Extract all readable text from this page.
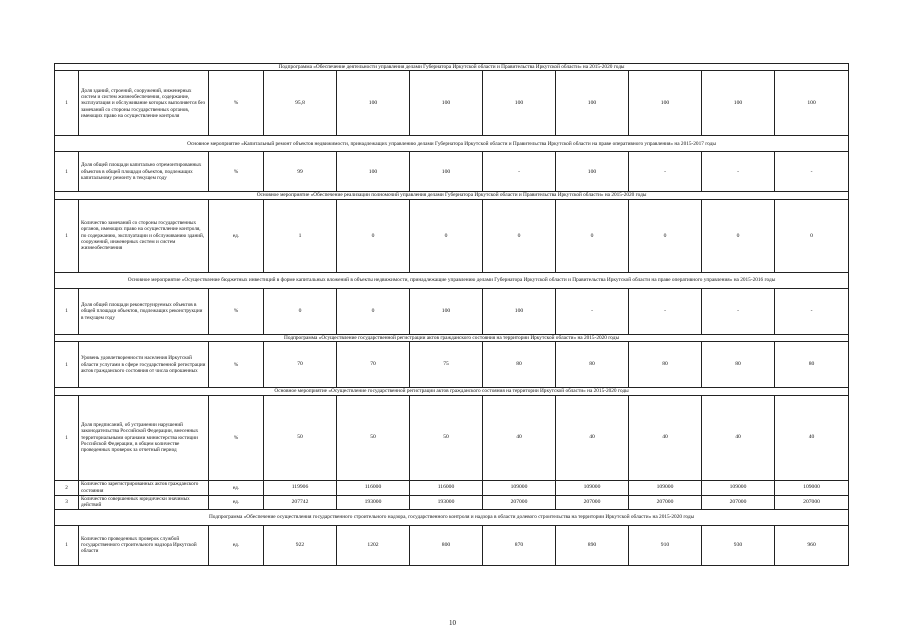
Подпрограмма «Обеспечение деятельности управления делами Губернатора Иркутской области и Правительства Иркутской области» на 2015-2020 годы										
1	Доля зданий, строений, сооружений, инженерных систем и систем жизнеобеспечения, содержание, эксплуатация и обслуживание которых выполняется без замечаний со стороны государственных органов, имеющих право на осуществление контроля	%	95,8	100	100	100	100	100	100	100
Основное мероприятие «Капитальный ремонт объектов недвижимости, принадлежащих управлению делами Губернатора Иркутской области и Правительства Иркутской области на праве оперативного управления» на 2015-2017 годы										
1	Доля общей площади капитально отремонтированных объектов в общей площади объектов, подлежащих капитальному ремонту в текущем году	%	99	100	100	-	100	-	-	-
Основное мероприятие «Обеспечение реализации полномочий управления делами Губернатора Иркутской области и Правительства Иркутской области» на 2015-2020 годы										
1	Количество замечаний со стороны государственных органов, имеющих право на осуществление контроля, по содержанию, эксплуатации и обслуживанию зданий, сооружений, инженерных систем и систем жизнеобеспечения	ед.	1	0	0	0	0	0	0	0
Основное мероприятие «Осуществление бюджетных инвестиций в форме капитальных вложений в объекты недвижимости, принадлежащие управлению делами Губернатора Иркутской области и Правительства Иркутской области на праве оперативного управления» на 2015-2016 годы										
1	Доля общей площади реконструируемых объектов в общей площади объектов, подлежащих реконструкции в текущем году	%	0	0	100	100	-	-	-	-
Подпрограмма «Осуществление государственной регистрации актов гражданского состояния на территории Иркутской области» на 2015-2020 годы										
1	Уровень удовлетворенности населения Иркутской области услугами в сфере государственной регистрации актов гражданского состояния от числа опрошенных	%	70	70	75	80	80	80	80	80
Основное мероприятие «Осуществление государственной регистрации актов гражданского состояния на территории Иркутской области» на 2015-2020 годы										
1	Доля предписаний, об устранении нарушений законодательства Российской Федерации, внесенных территориальными органами министерства юстиции Российской Федерации, в общем количестве проведенных проверок за отчетный период	%	50	50	50	40	40	40	40	40
2	Количество зарегистрированных актов гражданского состояния	ед.	119906	116000	116000	109000	109000	109000	109000	109000
3	Количество совершенных юридически значимых действий	ед.	207742	193000	193000	207000	207000	207000	207000	207000
Подпрограмма «Обеспечение осуществления государственного строительного надзора, государственного контроля и надзора в области долевого строительства на территории Иркутской области» на 2015-2020 годы										
1	Количество проведенных проверок службой государственного строительного надзора Иркутской области	ед.	922	1202	800	870	890	910	930	960
10
